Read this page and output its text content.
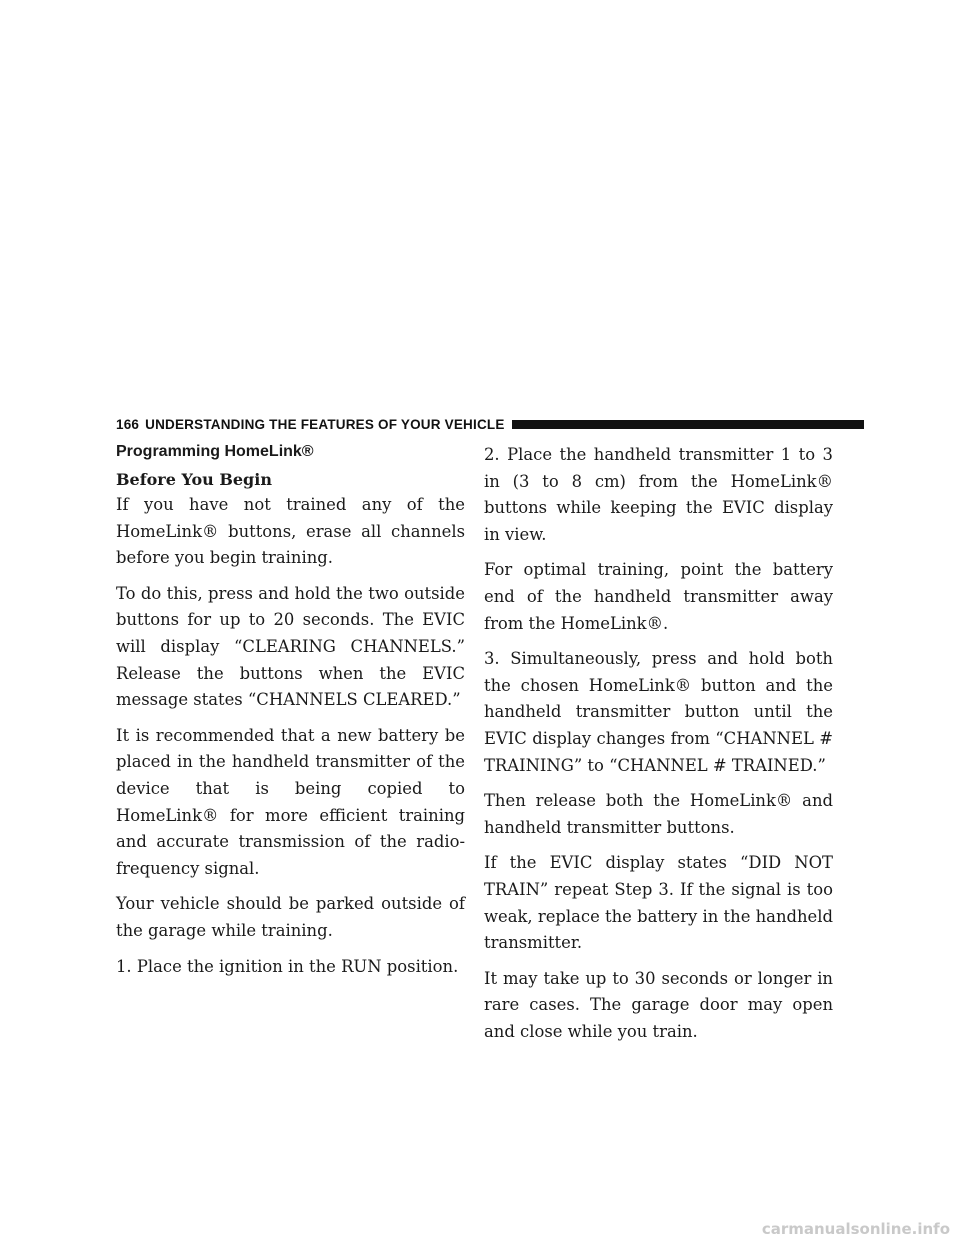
166 UNDERSTANDING THE FEATURES OF YOUR VEHICLE
Programming HomeLink®
Before You Begin

If you have not trained any of the HomeLink® buttons, erase all channels before you begin training.

To do this, press and hold the two outside buttons for up to 20 seconds. The EVIC will display “CLEARING CHANNELS.” Release the buttons when the EVIC message states “CHANNELS CLEARED.”

It is recommended that a new battery be placed in the handheld transmitter of the device that is being copied to HomeLink® for more efficient training and accurate transmission of the radio-frequency signal.

Your vehicle should be parked outside of the garage while training.

1. Place the ignition in the RUN position.

2. Place the handheld transmitter 1 to 3 in (3 to 8 cm) from the HomeLink® buttons while keeping the EVIC display in view.

For optimal training, point the battery end of the handheld transmitter away from the HomeLink®.

3. Simultaneously, press and hold both the chosen HomeLink® button and the handheld transmitter button until the EVIC display changes from “CHANNEL # TRAINING” to “CHANNEL # TRAINED.”

Then release both the HomeLink® and handheld transmitter buttons.

If the EVIC display states “DID NOT TRAIN” repeat Step 3. If the signal is too weak, replace the battery in the handheld transmitter.

It may take up to 30 seconds or longer in rare cases. The garage door may open and close while you train.

carmanualsonline.info
